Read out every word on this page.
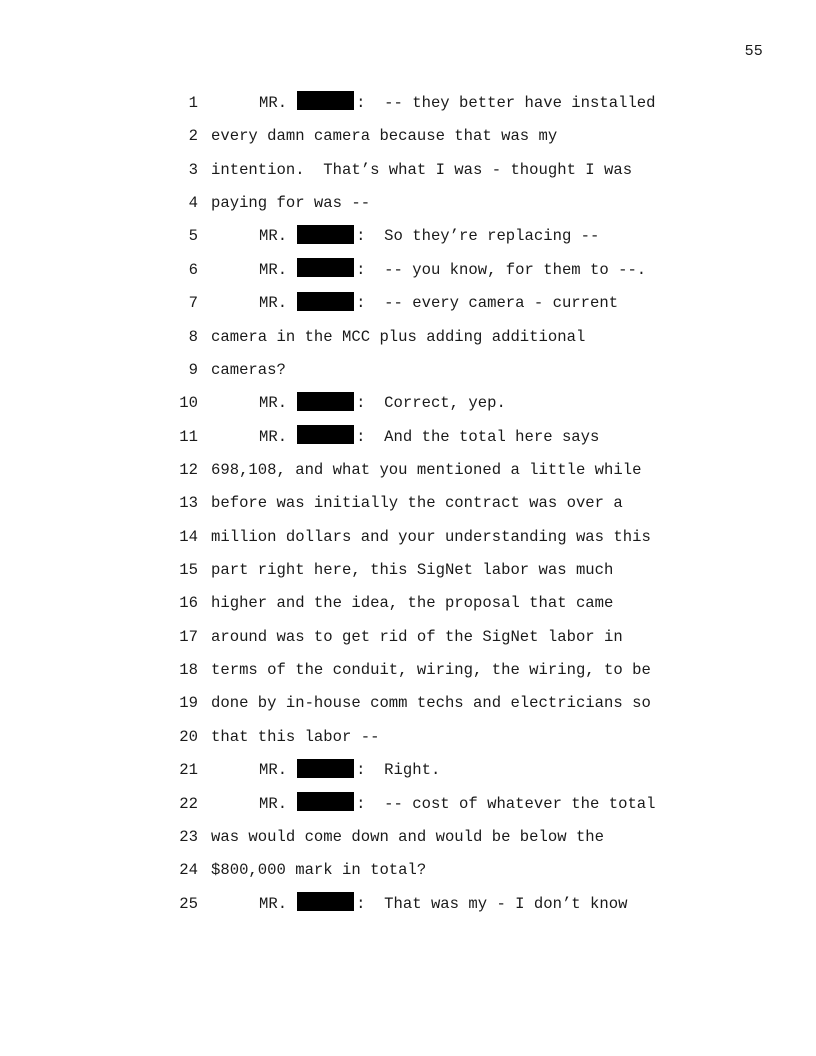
55
1	MR.	:  -- they better have installed
2 every damn camera because that was my
3 intention.  That’s what I was - thought I was
4 paying for was --
5	MR.	:  So they’re replacing --
6	MR.	:  -- you know, for them to --.
7	MR.	:  -- every camera - current
8 camera in the MCC plus adding additional
9 cameras?
10	MR.	:  Correct, yep.
11	MR.	:  And the total here says
12 698,108, and what you mentioned a little while
13 before was initially the contract was over a
14 million dollars and your understanding was this
15 part right here, this SigNet labor was much
16 higher and the idea, the proposal that came
17 around was to get rid of the SigNet labor in
18 terms of the conduit, wiring, the wiring, to be
19 done by in-house comm techs and electricians so
20 that this labor --
21	MR.	:  Right.
22	MR.	:  -- cost of whatever the total
23 was would come down and would be below the
24 $800,000 mark in total?
25	MR.	:  That was my - I don’t know
